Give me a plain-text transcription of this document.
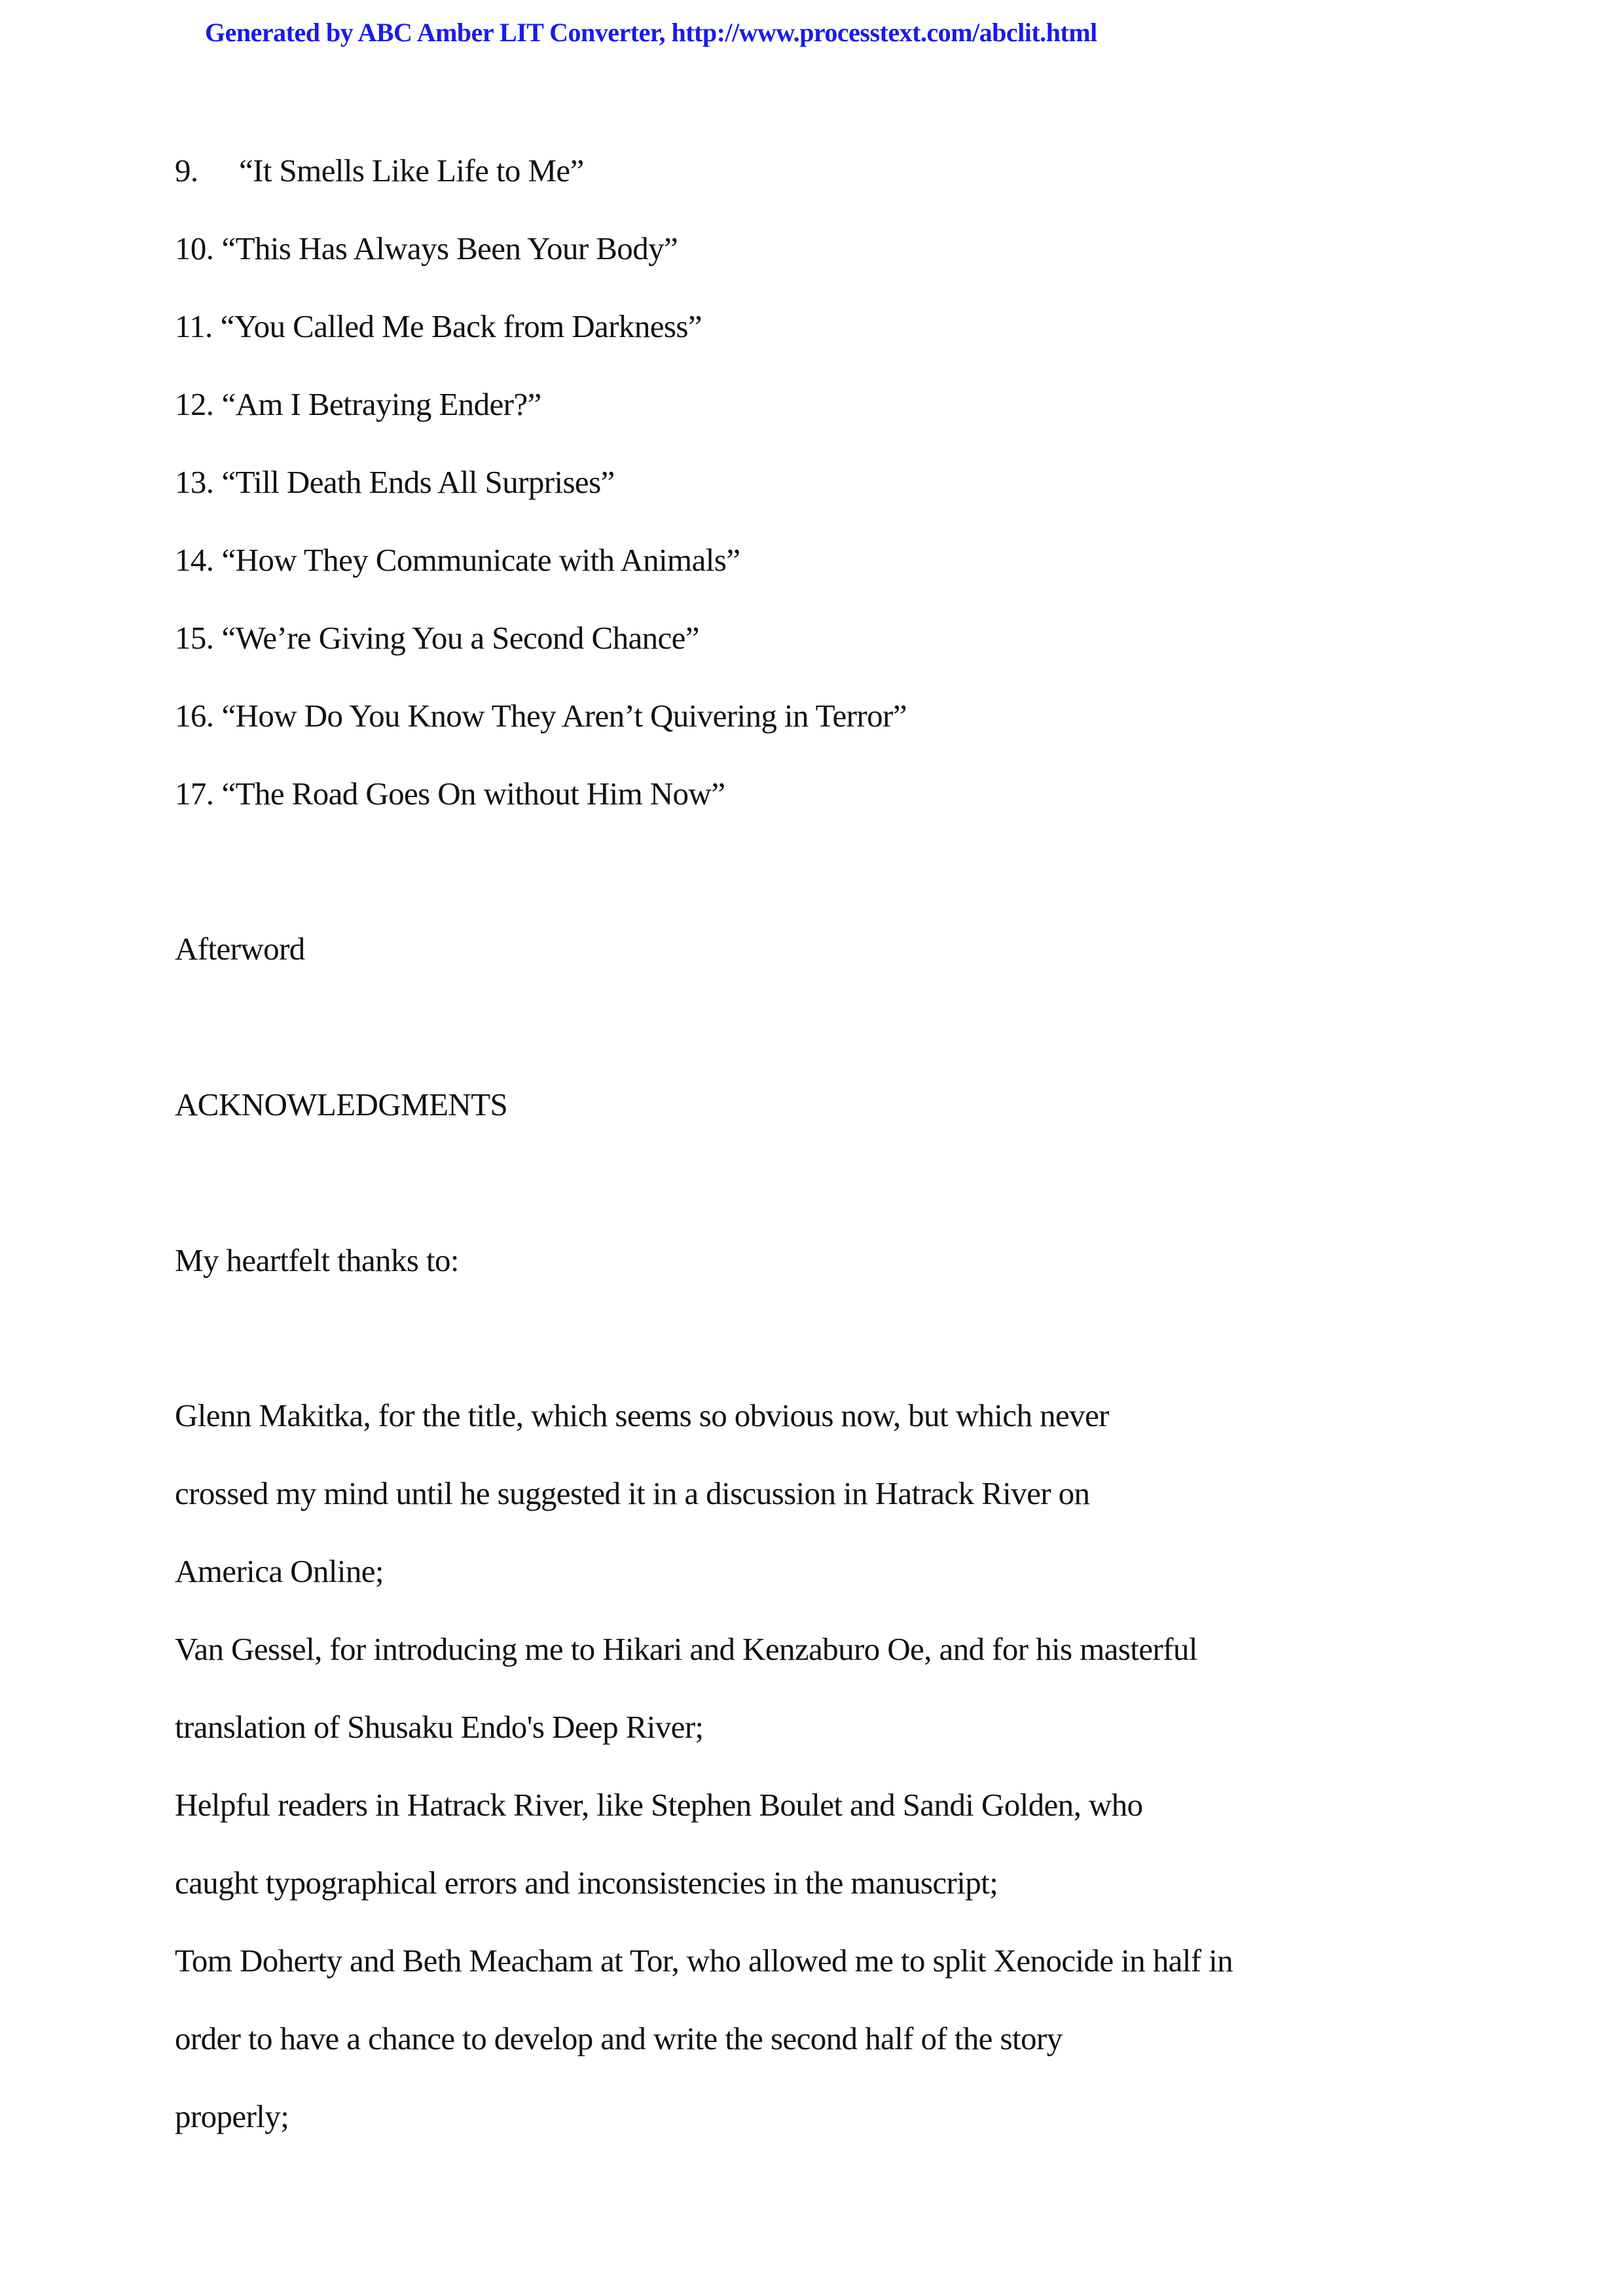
Generated by ABC Amber LIT Converter, http://www.processtext.com/abclit.html
9. “It Smells Like Life to Me”
10. “This Has Always Been Your Body”
11. “You Called Me Back from Darkness”
12. “Am I Betraying Ender?”
13. “Till Death Ends All Surprises”
14. “How They Communicate with Animals”
15. “We’re Giving You a Second Chance”
16. “How Do You Know They Aren’t Quivering in Terror”
17. “The Road Goes On without Him Now”
Afterword
ACKNOWLEDGMENTS
My heartfelt thanks to:
Glenn Makitka, for the title, which seems so obvious now, but which never
crossed my mind until he suggested it in a discussion in Hatrack River on
America Online;
Van Gessel, for introducing me to Hikari and Kenzaburo Oe, and for his masterful
translation of Shusaku Endo's Deep River;
Helpful readers in Hatrack River, like Stephen Boulet and Sandi Golden, who
caught typographical errors and inconsistencies in the manuscript;
Tom Doherty and Beth Meacham at Tor, who allowed me to split Xenocide in half in
order to have a chance to develop and write the second half of the story
properly;
